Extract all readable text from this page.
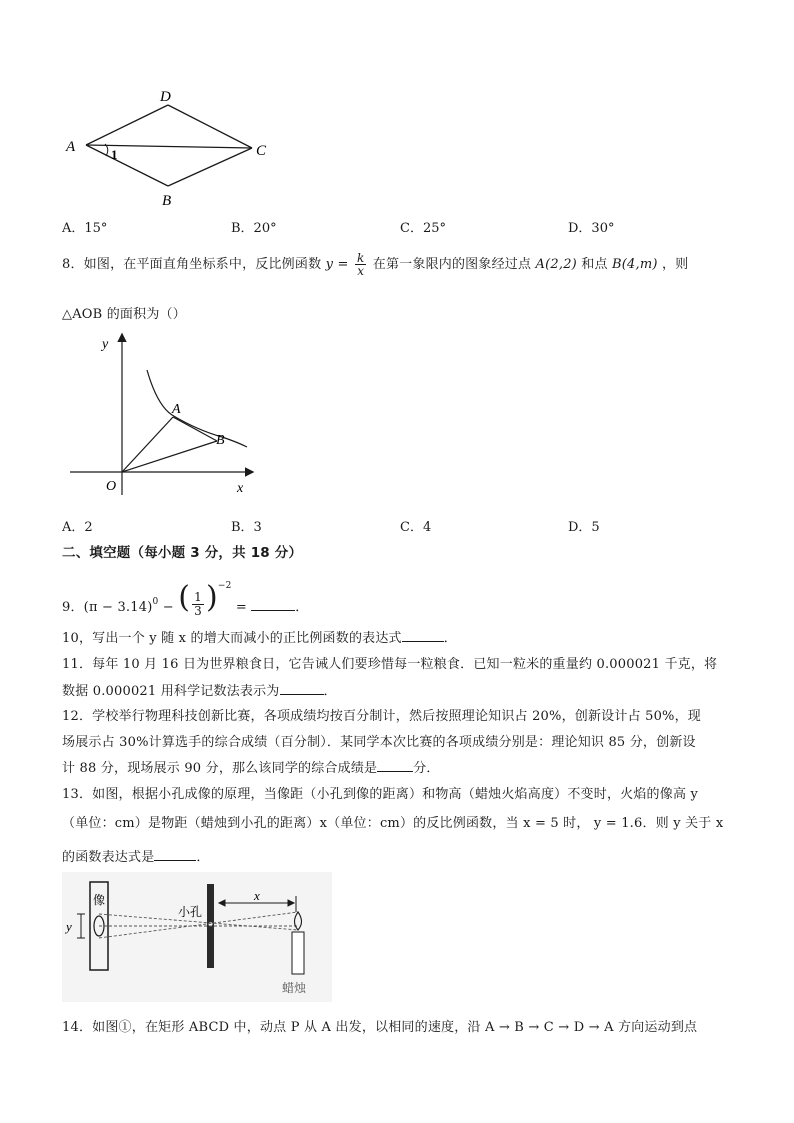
D
A	C
B
1
A．15°	B．20°	C．25°	D．30°
8．如图，在平面直角坐标系中，反比例函数 $y = \frac{k}{x}$ 在第一象限内的图象经过点 A(2,2) 和点 B(4,m) ，则
△AOB 的面积为（）
y
x
O
A
B
A．2	B．3	C．4	D．5
二、填空题（每小题 3 分，共 18 分）
9．$(\pi - 3.14)^0$ − ( $\frac{1}{3} )^{-2}$ =	．
10，写出一个 y 随 x 的增大而减小的正比例函数的表达式	．
11．每年 10 月 16 日为世界粮食日，它告诫人们要珍惜每一粒粮食．已知一粒米的重量约 0.000021 千克，将
数据 0.000021 用科学记数法表示为	．
12．学校举行物理科技创新比赛，各项成绩均按百分制计，然后按照理论知识占 20%，创新设计占 50%，现
场展示占 30%计算选手的综合成绩（百分制）．某同学本次比赛的各项成绩分别是：理论知识 85 分，创新设
计 88 分，现场展示 90 分，那么该同学的综合成绩是	分．
13．如图，根据小孔成像的原理，当像距（小孔到像的距离）和物高（蜡烛火焰高度）不变时，火焰的像高 y
（单位：cm）是物距（蜡烛到小孔的距离）x（单位：cm）的反比例函数，当 x = 5 时， y = 1.6．则 y 关于 x
的函数表达式是	．
像
小孔
x
y
蜡烛
14．如图①，在矩形 ABCD 中，动点 P 从 A 出发，以相同的速度，沿 A → B → C → D → A 方向运动到点
